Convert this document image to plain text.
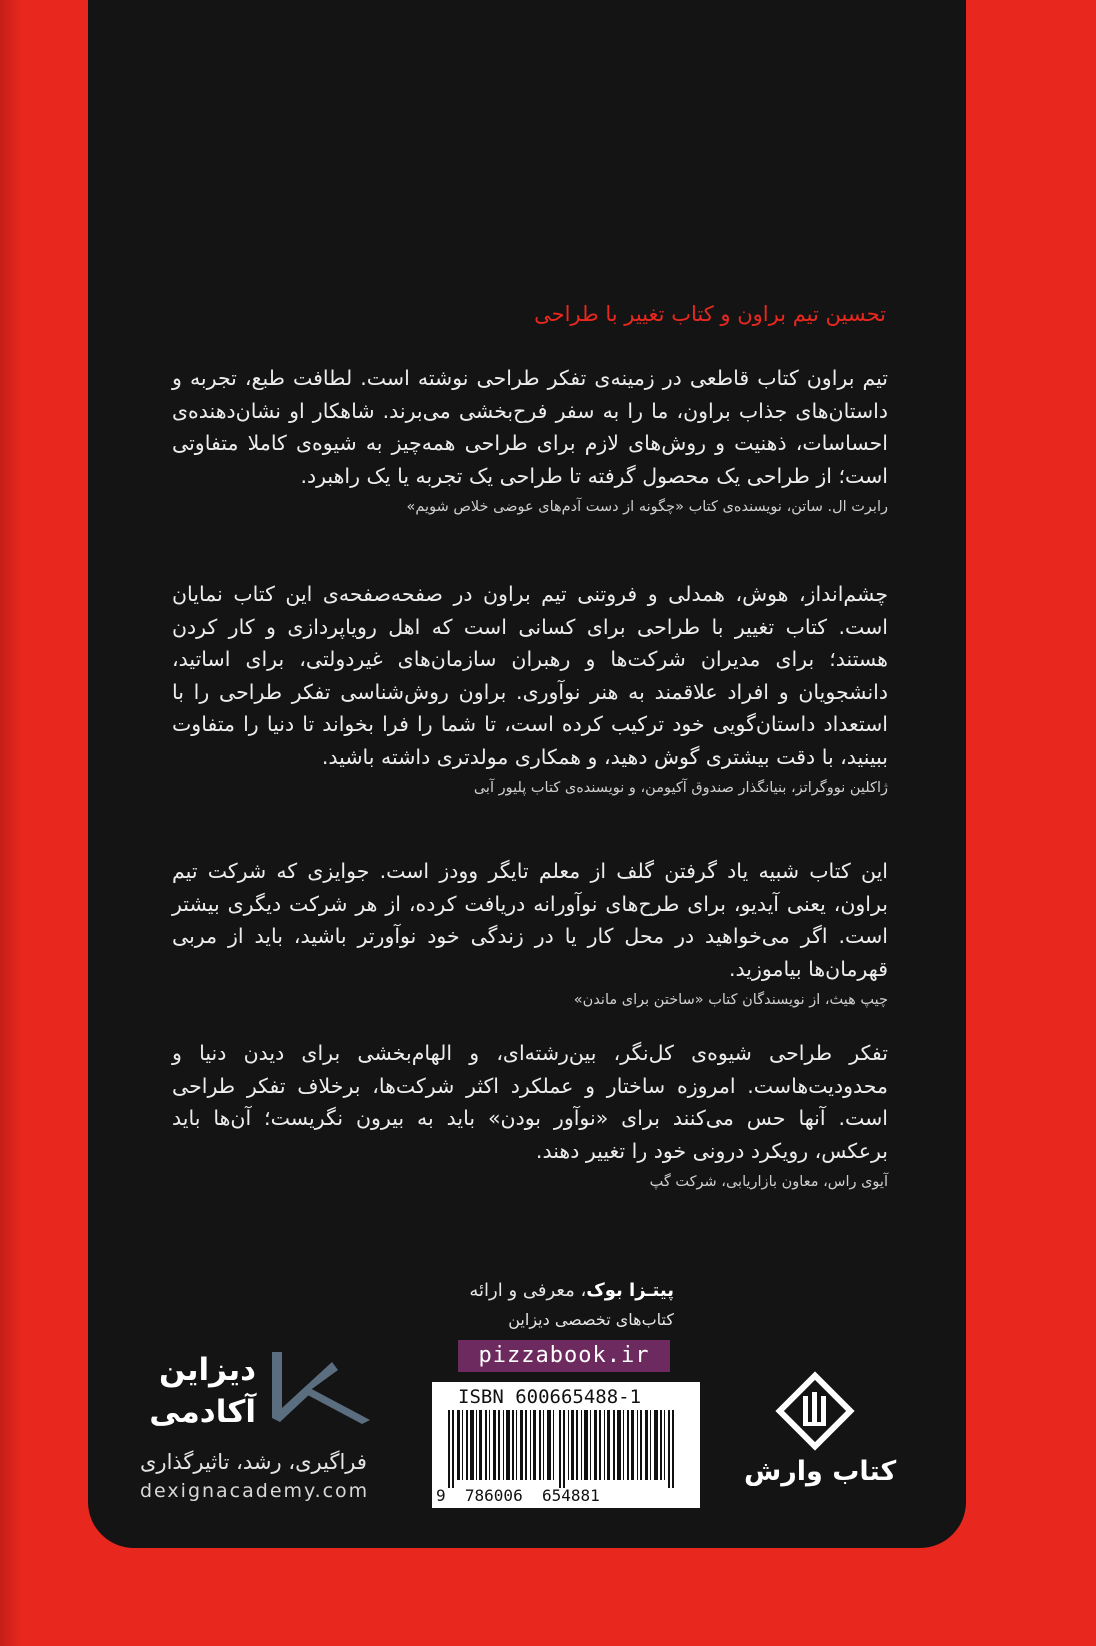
تحسین تیم براون و کتاب تغییر با طراحی

تیم براون کتاب قاطعی در زمینه‌ی تفکر طراحی نوشته است. لطافت طبع، تجربه و داستان‌های جذاب براون، ما را به سفر فرح‌بخشی می‌برند. شاهکار او نشان‌دهنده‌ی احساسات، ذهنیت و روش‌های لازم برای طراحی همه‌چیز به شیوه‌ی کاملا متفاوتی است؛ از طراحی یک محصول گرفته تا طراحی یک تجربه یا یک راهبرد.

رابرت ال. ساتن، نویسنده‌ی کتاب «چگونه از دست آدم‌های عوضی خلاص شویم»

چشم‌انداز، هوش، همدلی و فروتنی تیم براون در صفحه‌صفحه‌ی این کتاب نمایان است. کتاب تغییر با طراحی برای کسانی است که اهل رویاپردازی و کار کردن هستند؛ برای مدیران شرکت‌ها و رهبران سازمان‌های غیردولتی، برای اساتید، دانشجویان و افراد علاقمند به هنر نوآوری. براون روش‌شناسی تفکر طراحی را با استعداد داستان‌گویی خود ترکیب کرده است، تا شما را فرا بخواند تا دنیا را متفاوت ببینید، با دقت بیشتری گوش دهید، و همکاری مولدتری داشته باشید.

ژاکلین نووگراتز، بنیانگذار صندوق آکیومن، و نویسنده‌ی کتاب پلیور آبی

این کتاب شبیه یاد گرفتن گلف از معلم تایگر وودز است. جوایزی که شرکت تیم براون، یعنی آیدیو، برای طرح‌های نوآورانه دریافت کرده، از هر شرکت دیگری بیشتر است. اگر می‌خواهید در محل کار یا در زندگی خود نوآورتر باشید، باید از مربی قهرمان‌ها بیاموزید.

چیپ هیث، از نویسندگان کتاب «ساختن برای ماندن»

تفکر طراحی شیوه‌ی کل‌نگر، بین‌رشته‌ای، و الهام‌بخشی برای دیدن دنیا و محدودیت‌هاست. امروزه ساختار و عملکرد اکثر شرکت‌ها، برخلاف تفکر طراحی است. آنها حس می‌کنند برای «نوآور بودن» باید به بیرون نگریست؛ آن‌ها باید برعکس، رویکرد درونی خود را تغییر دهند.

آیوی راس، معاون بازاریابی، شرکت گپ

پیتـزا بوک، معرفی و ارائه
کتاب‌های تخصصی دیزاین
pizzabook.ir
ISBN 600665488-1
9  786006  654881
دیزاین
آکادمی
فراگیری، رشد، تاثیرگذاری
dexignacademy.com
کتاب وارش
